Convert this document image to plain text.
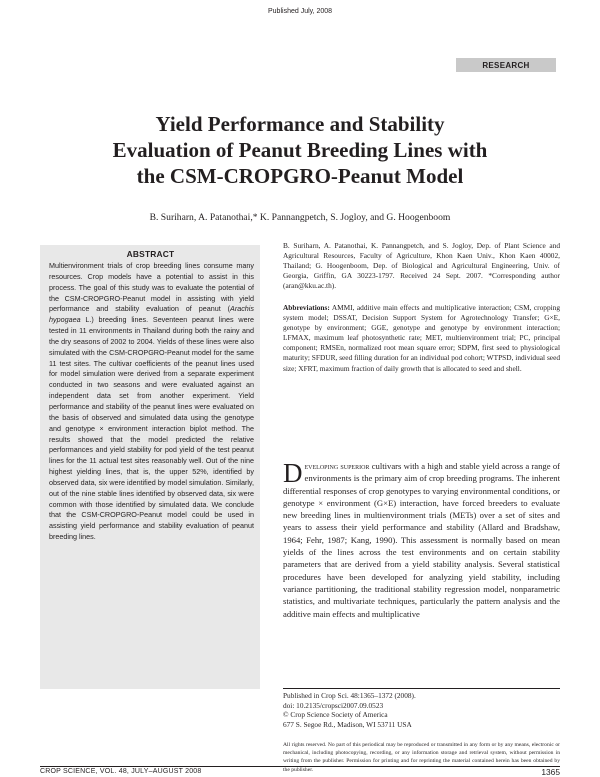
Published July, 2008
RESEARCH
Yield Performance and Stability
Evaluation of Peanut Breeding Lines with
the CSM-CROPGRO-Peanut Model
B. Suriharn, A. Patanothai,* K. Pannangpetch, S. Jogloy, and G. Hoogenboom
ABSTRACT

Multienvironment trials of crop breeding lines consume many resources. Crop models have a potential to assist in this process. The goal of this study was to evaluate the potential of the CSM-CROPGRO-Peanut model in assisting with yield performance and stability evaluation of peanut (Arachis hypogaea L.) breeding lines. Seventeen peanut lines were tested in 11 environments in Thailand during both the rainy and the dry seasons of 2002 to 2004. Yields of these lines were also simulated with the CSM-CROPGRO-Peanut model for the same 11 test sites. The cultivar coefficients of the peanut lines used for model simulation were derived from a separate experiment conducted in two seasons and were evaluated against an independent data set from another experiment. Yield performance and stability of the peanut lines were evaluated on the basis of observed and simulated data using the genotype and genotype × environment interaction biplot method. The results showed that the model predicted the relative performances and yield stability for pod yield of the test peanut lines for the 11 actual test sites reasonably well. Out of the nine highest yielding lines, that is, the upper 52%, identified by observed data, six were identified by model simulation. Similarly, out of the nine stable lines identified by observed data, six were common with those identified by simulated data. We conclude that the CSM-CROPGRO-Peanut model could be used in assisting yield performance and stability evaluation of peanut breeding lines.

B. Suriharn, A. Patanothai, K. Pannangpetch, and S. Jogloy, Dep. of Plant Science and Agricultural Resources, Faculty of Agriculture, Khon Kaen Univ., Khon Kaen 40002, Thailand; G. Hoogenboom, Dep. of Biological and Agricultural Engineering, Univ. of Georgia, Griffin, GA 30223-1797. Received 24 Sept. 2007. *Corresponding author (aran@kku.ac.th).

Abbreviations: AMMI, additive main effects and multiplicative interaction; CSM, cropping system model; DSSAT, Decision Support System for Agrotechnology Transfer; G×E, genotype by environment; GGE, genotype and genotype by environment interaction; LFMAX, maximum leaf photosynthetic rate; MET, multienvironment trial; PC, principal component; RMSEn, normalized root mean square error; SDPM, first seed to physiological maturity; SFDUR, seed filling duration for an individual pod cohort; WTPSD, individual seed size; XFRT, maximum fraction of daily growth that is allocated to seed and shell.

Developing superior cultivars with a high and stable yield across a range of environments is the primary aim of crop breeding programs. The inherent differential responses of crop genotypes to varying environmental conditions, or genotype × environment (G×E) interaction, have forced breeders to evaluate new breeding lines in multienvironment trials (METs) over a set of sites and years to assess their yield performance and stability (Allard and Bradshaw, 1964; Fehr, 1987; Kang, 1990). This assessment is normally based on mean yields of the lines across the test environments and on certain stability parameters that are derived from a yield stability analysis. Several statistical procedures have been developed for analyzing yield stability, including variance partitioning, the traditional stability regression model, nonparametric statistics, and multivariate techniques, particularly the pattern analysis and the additive main effects and multiplicative

Published in Crop Sci. 48:1365–1372 (2008).
doi: 10.2135/cropsci2007.09.0523
© Crop Science Society of America
677 S. Segoe Rd., Madison, WI 53711 USA

All rights reserved. No part of this periodical may be reproduced or transmitted in any form or by any means, electronic or mechanical, including photocopying, recording, or any information storage and retrieval system, without permission in writing from the publisher. Permission for printing and for reprinting the material contained herein has been obtained by the publisher.

CROP SCIENCE, VOL. 48, JULY–AUGUST 2008	1365
